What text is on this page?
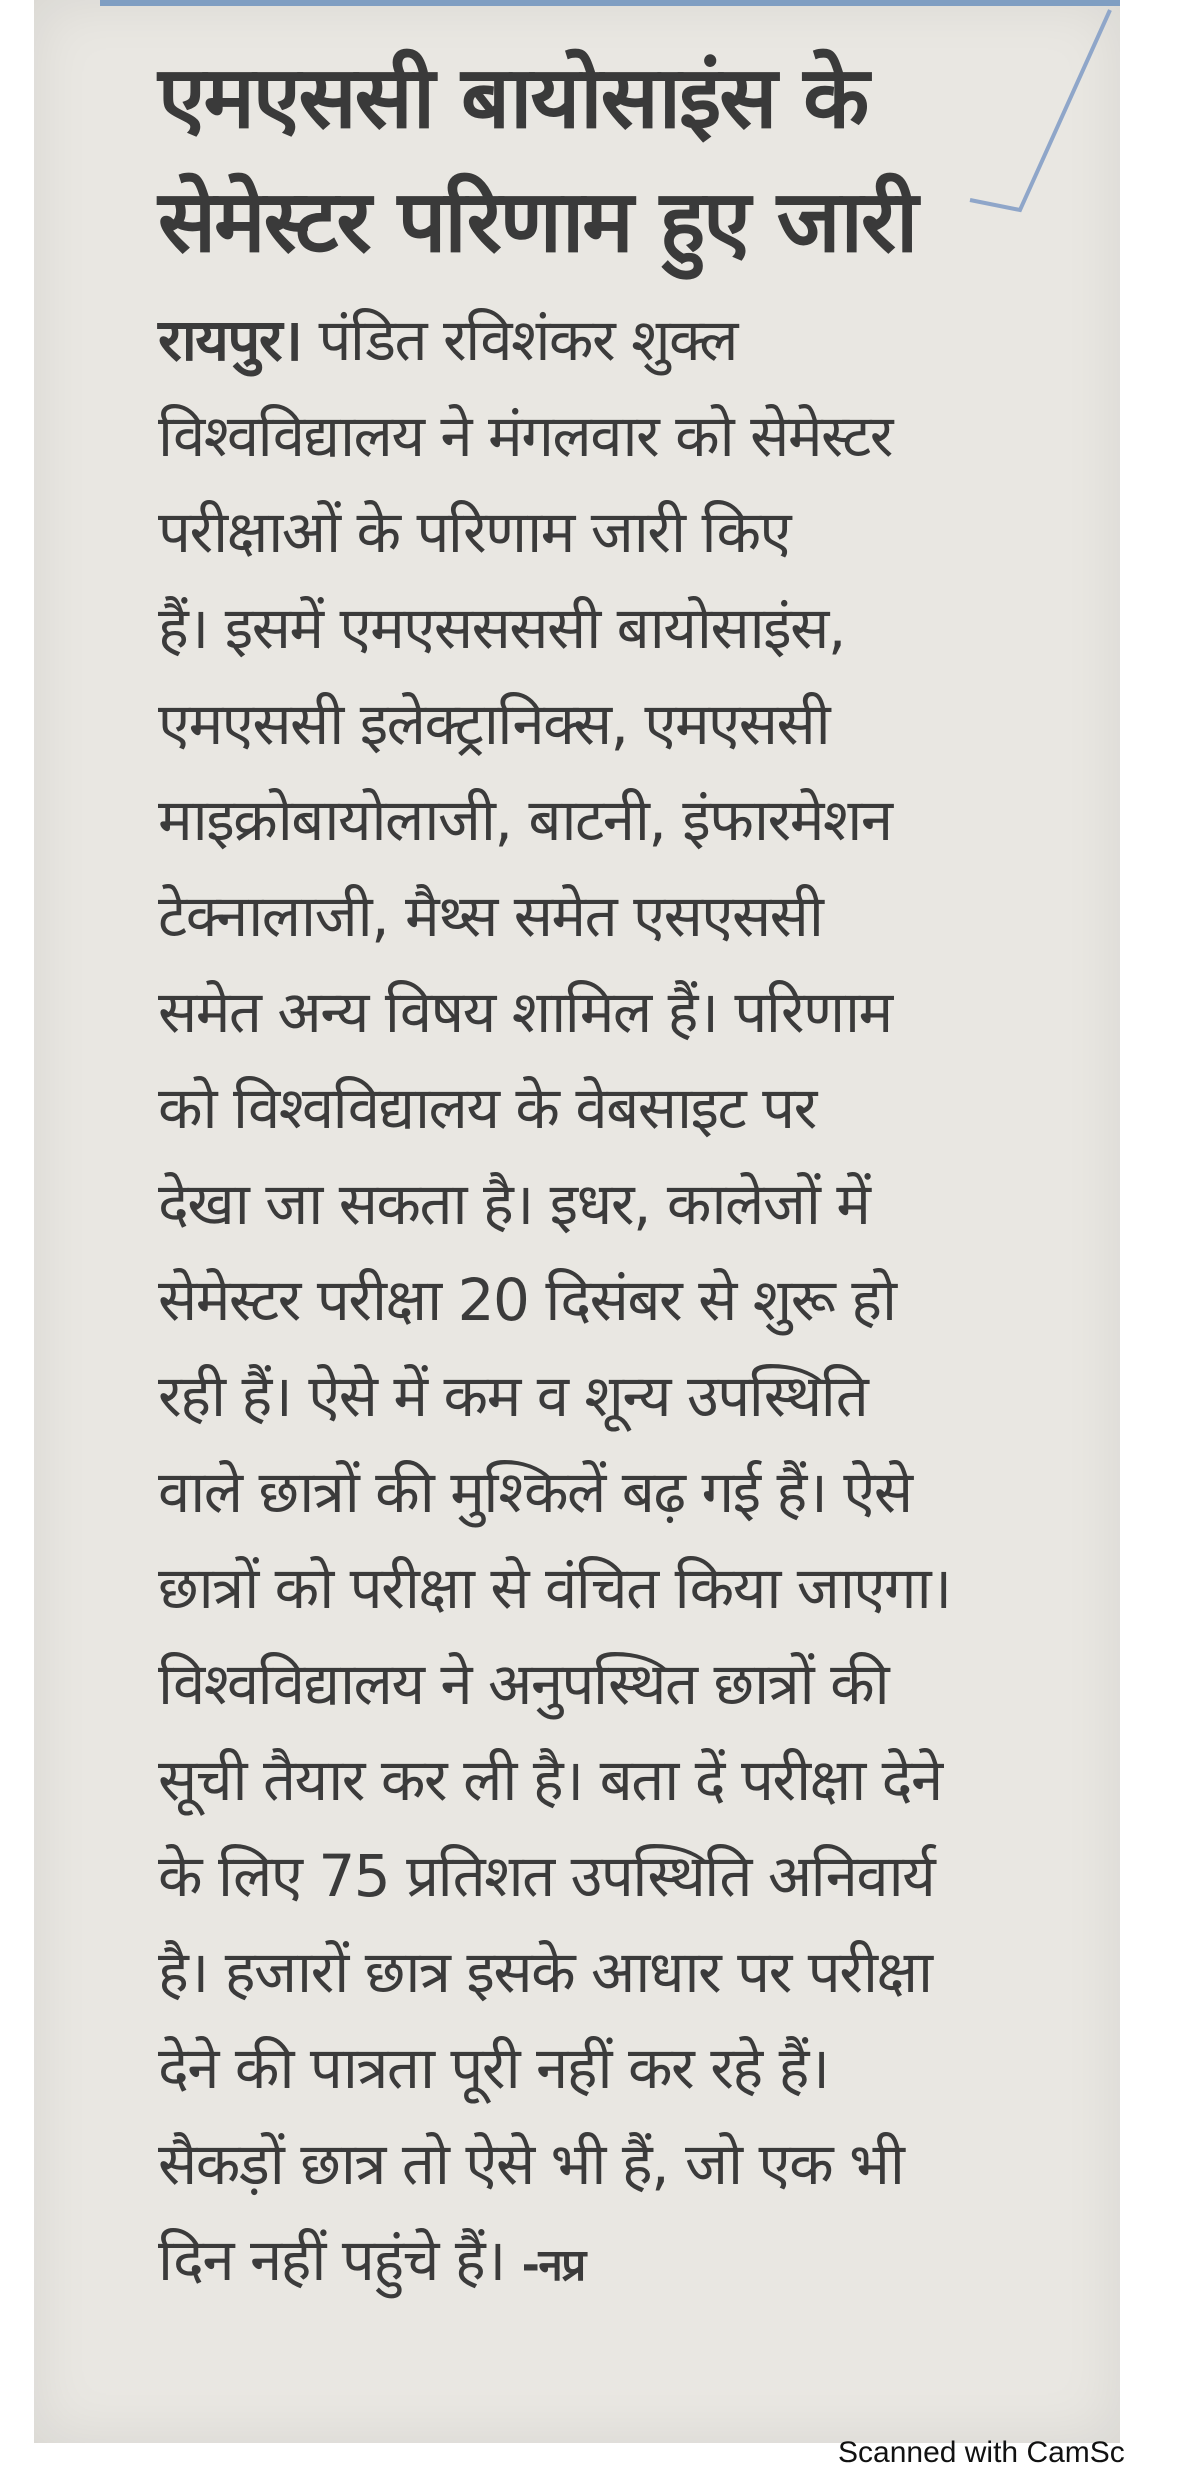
एमएससी बायोसाइंस के
सेमेस्टर परिणाम हुए जारी
रायपुर। पंडित रविशंकर शुक्ल
विश्वविद्यालय ने मंगलवार को सेमेस्टर
परीक्षाओं के परिणाम जारी किए
हैं। इसमें एमएससससी बायोसाइंस,
एमएससी इलेक्ट्रानिक्स, एमएससी
माइक्रोबायोलाजी, बाटनी, इंफारमेशन
टेक्नालाजी, मैथ्स समेत एसएससी
समेत अन्य विषय शामिल हैं। परिणाम
को विश्वविद्यालय के वेबसाइट पर
देखा जा सकता है। इधर, कालेजों में
सेमेस्टर परीक्षा 20 दिसंबर से शुरू हो
रही हैं। ऐसे में कम व शून्य उपस्थिति
वाले छात्रों की मुश्किलें बढ़ गई हैं। ऐसे
छात्रों को परीक्षा से वंचित किया जाएगा।
विश्वविद्यालय ने अनुपस्थित छात्रों की
सूची तैयार कर ली है। बता दें परीक्षा देने
के लिए 75 प्रतिशत उपस्थिति अनिवार्य
है। हजारों छात्र इसके आधार पर परीक्षा
देने की पात्रता पूरी नहीं कर रहे हैं।
सैकड़ों छात्र तो ऐसे भी हैं, जो एक भी
दिन नहीं पहुंचे हैं। -नप्र
Scanned with CamSc
